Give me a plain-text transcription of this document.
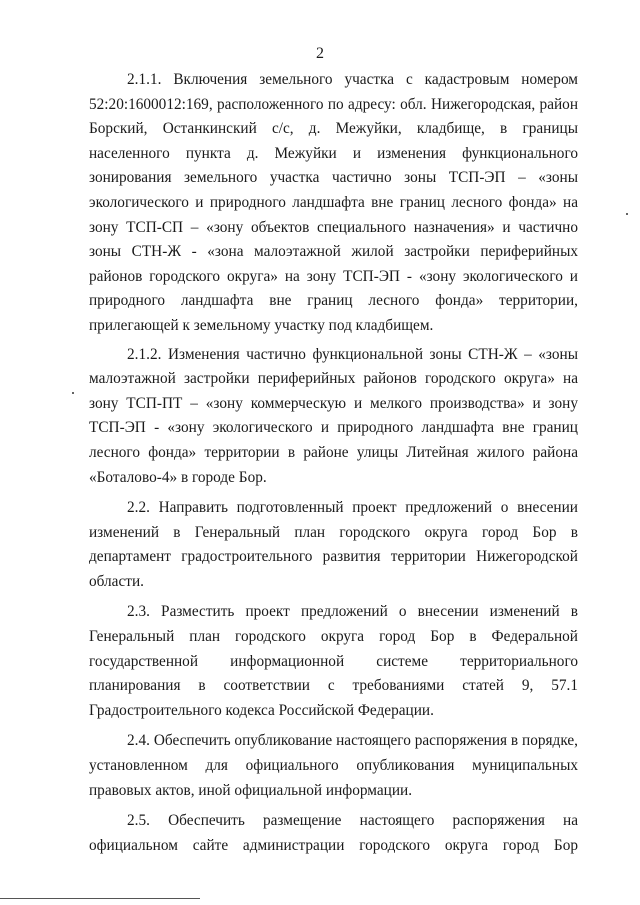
2

2.1.1. Включения земельного участка с кадастровым номером 52:20:1600012:169, расположенного по адресу: обл. Нижегородская, район Борский, Останкинский с/с, д. Межуйки, кладбище, в границы населенного пункта д. Межуйки и изменения функционального зонирования земельного участка частично зоны ТСП-ЭП – «зоны экологического и природного ландшафта вне границ лесного фонда» на зону ТСП-СП – «зону объектов специального назначения» и частично зоны СТН-Ж - «зона малоэтажной жилой застройки периферийных районов городского округа» на зону ТСП-ЭП - «зону экологического и природного ландшафта вне границ лесного фонда» территории, прилегающей к земельному участку под кладбищем.

2.1.2. Изменения частично функциональной зоны СТН-Ж – «зоны малоэтажной застройки периферийных районов городского округа» на зону ТСП-ПТ – «зону коммерческую и мелкого производства» и зону ТСП-ЭП - «зону экологического и природного ландшафта вне границ лесного фонда» территории в районе улицы Литейная жилого района «Боталово-4» в городе Бор.

2.2. Направить подготовленный проект предложений о внесении изменений в Генеральный план городского округа город Бор в департамент градостроительного развития территории Нижегородской области.

2.3. Разместить проект предложений о внесении изменений в Генеральный план городского округа город Бор в Федеральной государственной информационной системе территориального планирования в соответствии с требованиями статей 9, 57.1 Градостроительного кодекса Российской Федерации.

2.4. Обеспечить опубликование настоящего распоряжения в порядке, установленном для официального опубликования муниципальных правовых актов, иной официальной информации.

2.5. Обеспечить размещение настоящего распоряжения на официальном сайте администрации городского округа город Бор
